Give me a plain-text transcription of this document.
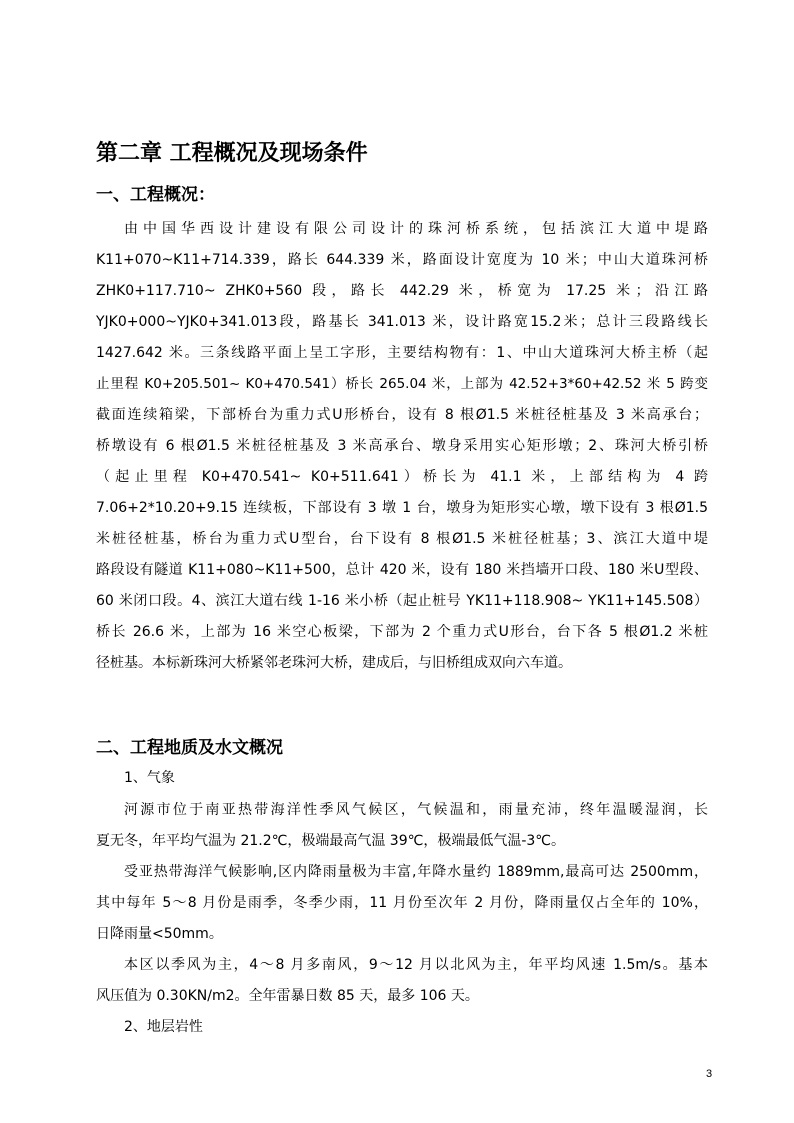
第二章 工程概况及现场条件
一、工程概况：

由中国华西设计建设有限公司设计的珠河桥系统，包括滨江大道中堤路

K11+070~K11+714.339，路长 644.339 米，路面设计宽度为 10 米；中山大道珠河桥

ZHK0+117.710~ ZHK0+560 段，路长 442.29 米，桥宽为 17.25 米；沿江路

YJK0+000~YJK0+341.013段，路基长 341.013 米，设计路宽15.2米；总计三段路线长

1427.642 米。三条线路平面上呈工字形，主要结构物有：1、中山大道珠河大桥主桥（起

止里程 K0+205.501~ K0+470.541）桥长 265.04 米，上部为 42.52+3*60+42.52 米 5 跨变

截面连续箱梁，下部桥台为重力式U形桥台，设有 8 根Ø1.5 米桩径桩基及 3 米高承台；

桥墩设有 6 根Ø1.5 米桩径桩基及 3 米高承台、墩身采用实心矩形墩；2、珠河大桥引桥

（起止里程 K0+470.541~ K0+511.641）桥长为 41.1 米，上部结构为 4 跨

7.06+2*10.20+9.15 连续板，下部设有 3 墩 1 台，墩身为矩形实心墩，墩下设有 3 根Ø1.5

米桩径桩基，桥台为重力式U型台，台下设有 8 根Ø1.5 米桩径桩基；3、滨江大道中堤

路段设有隧道 K11+080~K11+500，总计 420 米，设有 180 米挡墙开口段、180 米U型段、

60 米闭口段。4、滨江大道右线 1-16 米小桥（起止桩号 YK11+118.908~ YK11+145.508）

桥长 26.6 米，上部为 16 米空心板梁，下部为 2 个重力式U形台，台下各 5 根Ø1.2 米桩

径桩基。本标新珠河大桥紧邻老珠河大桥，建成后，与旧桥组成双向六车道。

二、工程地质及水文概况

1、气象

河源市位于南亚热带海洋性季风气候区，气候温和，雨量充沛，终年温暖湿润，长

夏无冬，年平均气温为 21.2℃，极端最高气温 39℃，极端最低气温-3℃。

受亚热带海洋气候影响,区内降雨量极为丰富,年降水量约 1889mm,最高可达 2500mm，

其中每年 5～8 月份是雨季，冬季少雨，11 月份至次年 2 月份，降雨量仅占全年的 10%，

日降雨量<50mm。

本区以季风为主，4～8 月多南风，9～12 月以北风为主，年平均风速 1.5m/s。基本

风压值为 0.30KN/m2。全年雷暴日数 85 天，最多 106 天。

2、地层岩性

3
